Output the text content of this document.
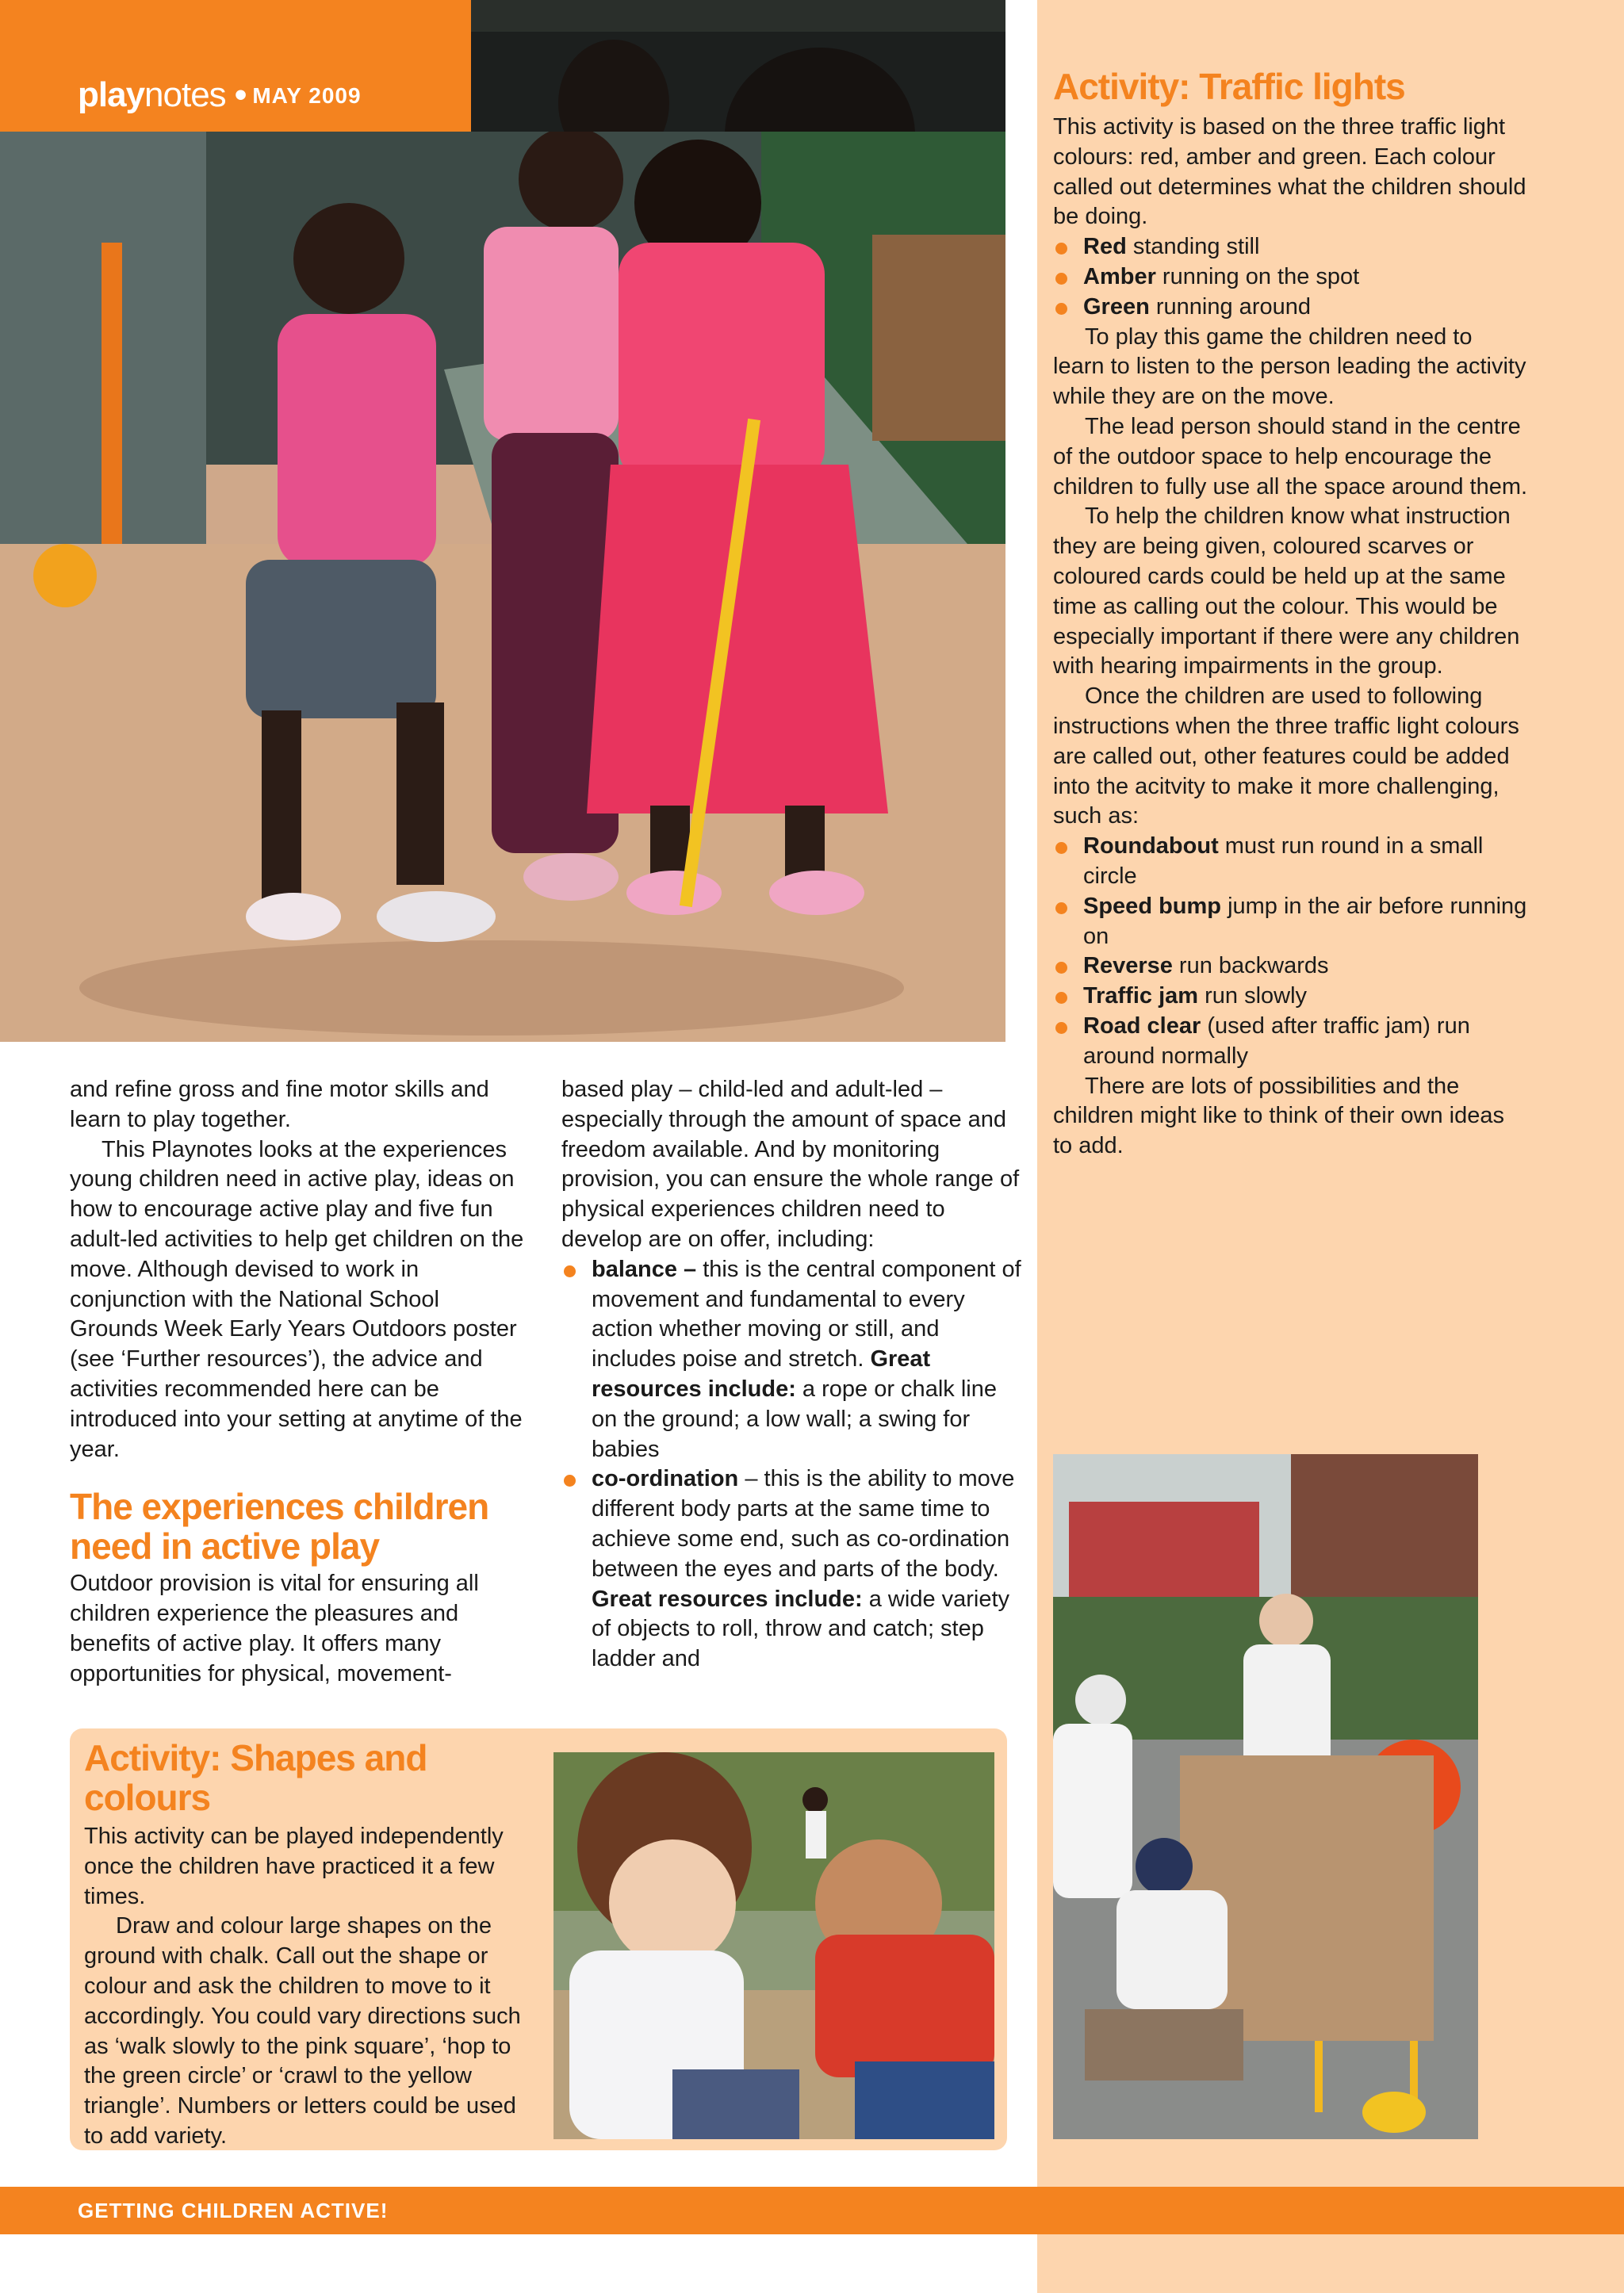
playnotes • MAY 2009

and refine gross and fine motor skills and learn to play together.

This Playnotes looks at the experiences young children need in active play, ideas on how to encourage active play and five fun adult-led activities to help get children on the move. Although devised to work in conjunction with the National School Grounds Week Early Years Outdoors poster (see ‘Further resources’), the advice and activities recommended here can be introduced into your setting at anytime of the year.

The experiences children need in active play

Outdoor provision is vital for ensuring all children experience the pleasures and benefits of active play. It offers many opportunities for physical, movement-

based play – child-led and adult-led – especially through the amount of space and freedom available. And by monitoring provision, you can ensure the whole range of physical experiences children need to develop are on offer, including:

balance – this is the central component of movement and fundamental to every action whether moving or still, and includes poise and stretch. Great resources include: a rope or chalk line on the ground; a low wall; a swing for babies

co-ordination – this is the ability to move different body parts at the same time to achieve some end, such as co-ordination between the eyes and parts of the body. Great resources include: a wide variety of objects to roll, throw and catch; step ladder and

Activity: Traffic lights

This activity is based on the three traffic light colours: red, amber and green. Each colour called out determines what the children should be doing.

Red standing still

Amber running on the spot

Green running around

To play this game the children need to learn to listen to the person leading the activity while they are on the move.

The lead person should stand in the centre of the outdoor space to help encourage the children to fully use all the space around them.

To help the children know what instruction they are being given, coloured scarves or coloured cards could be held up at the same time as calling out the colour. This would be especially important if there were any children with hearing impairments in the group.

Once the children are used to following instructions when the three traffic light colours are called out, other features could be added into the acitvity to make it more challenging, such as:

Roundabout must run round in a small circle

Speed bump jump in the air before running on

Reverse run backwards

Traffic jam run slowly

Road clear (used after traffic jam) run around normally

There are lots of possibilities and the children might like to think of their own ideas to add.

Activity: Shapes and colours

This activity can be played independently once the children have practiced it a few times.

Draw and colour large shapes on the ground with chalk. Call out the shape or colour and ask the children to move to it accordingly. You could vary directions such as ‘walk slowly to the pink square’, ‘hop to the green circle’ or ‘crawl to the yellow triangle’. Numbers or letters could be used to add variety.

GETTING CHILDREN ACTIVE!
